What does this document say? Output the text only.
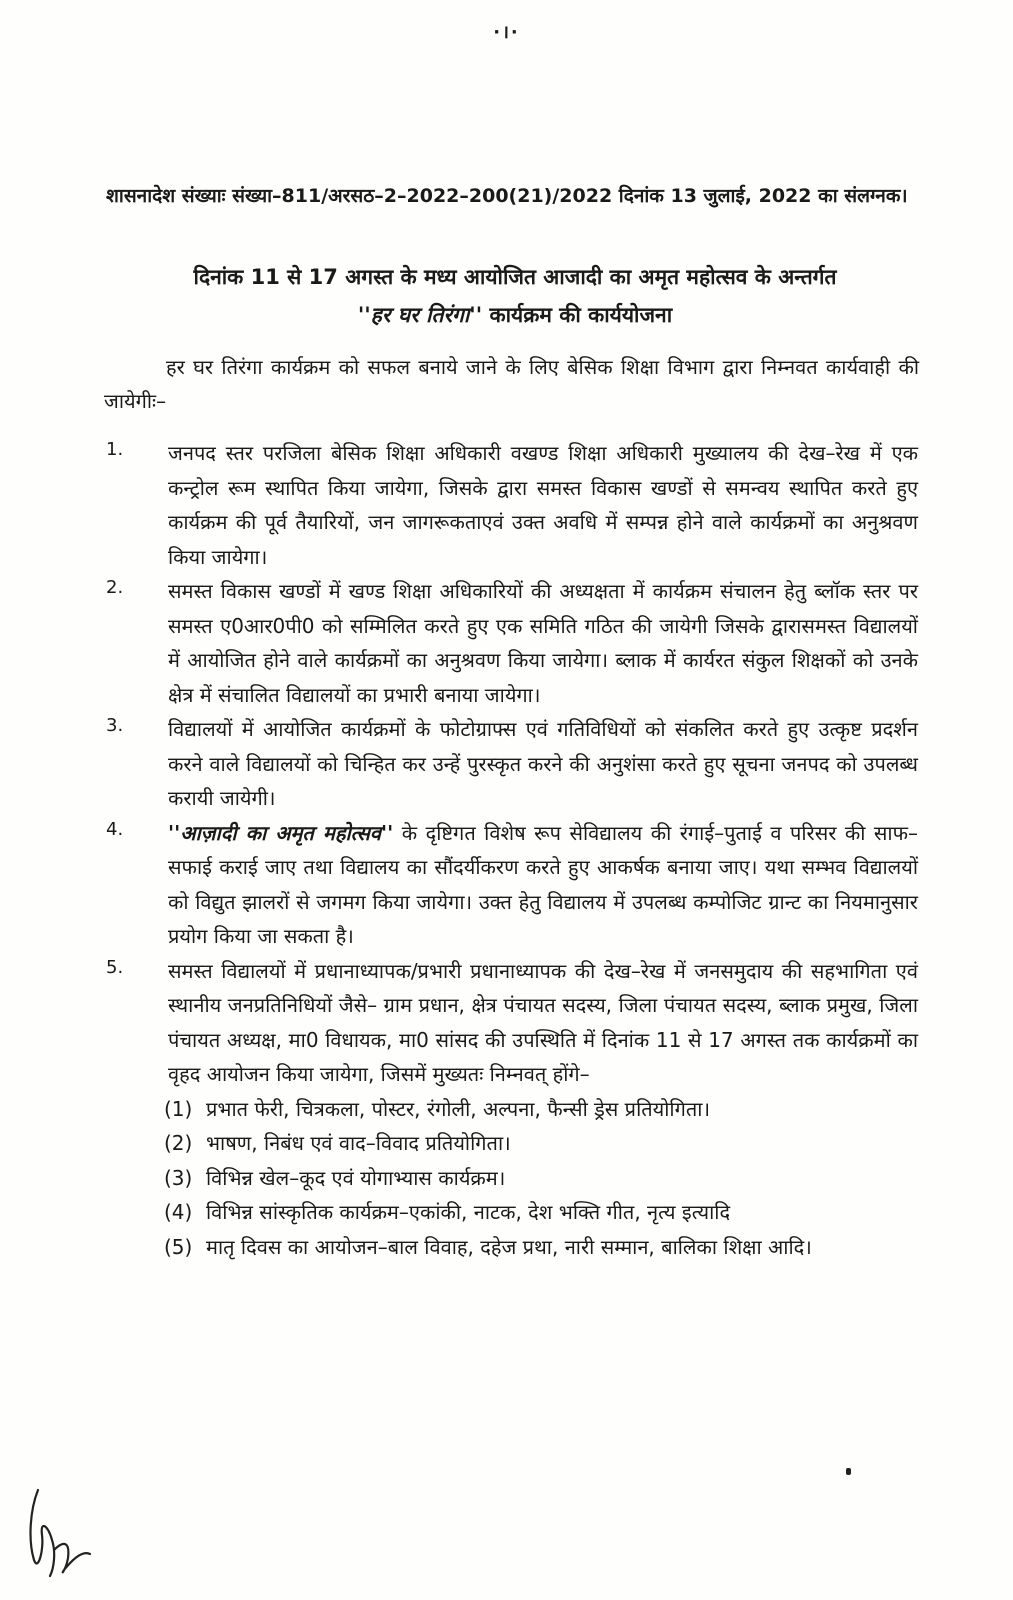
·।·
शासनादेश संख्याः संख्या–811/अरसठ–2–2022–200(21)/2022 दिनांक 13 जुलाई, 2022 का संलग्नक।
दिनांक 11 से 17 अगस्त के मध्य आयोजित आजादी का अमृत महोत्सव के अन्तर्गत
''हर घर तिरंगा'' कार्यक्रम की कार्ययोजना
हर घर तिरंगा कार्यक्रम को सफल बनाये जाने के लिए बेसिक शिक्षा विभाग द्वारा निम्नवत कार्यवाही की जायेगीः–
1.	जनपद स्तर परजिला बेसिक शिक्षा अधिकारी वखण्ड शिक्षा अधिकारी मुख्यालय की देख–रेख में एक कन्ट्रोल रूम स्थापित किया जायेगा, जिसके द्वारा समस्त विकास खण्डों से समन्वय स्थापित करते हुए कार्यक्रम की पूर्व तैयारियों, जन जागरूकताएवं उक्त अवधि में सम्पन्न होने वाले कार्यक्रमों का अनुश्रवण किया जायेगा।
2.	समस्त विकास खण्डों में खण्ड शिक्षा अधिकारियों की अध्यक्षता में कार्यक्रम संचालन हेतु ब्लॉक स्तर पर समस्त ए0आर0पी0 को सम्मिलित करते हुए एक समिति गठित की जायेगी जिसके द्वारासमस्त विद्यालयों में आयोजित होने वाले कार्यक्रमों का अनुश्रवण किया जायेगा। ब्लाक में कार्यरत संकुल शिक्षकों को उनके क्षेत्र में संचालित विद्यालयों का प्रभारी बनाया जायेगा।
3.	विद्यालयों में आयोजित कार्यक्रमों के फोटोग्राफ्स एवं गतिविधियों को संकलित करते हुए उत्कृष्ट प्रदर्शन करने वाले विद्यालयों को चिन्हित कर उन्हें पुरस्कृत करने की अनुशंसा करते हुए सूचना जनपद को उपलब्ध करायी जायेगी।
4.	''आज़ादी का अमृत महोत्सव'' के दृष्टिगत विशेष रूप सेविद्यालय की रंगाई–पुताई व परिसर की साफ–सफाई कराई जाए तथा विद्यालय का सौंदर्यीकरण करते हुए आकर्षक बनाया जाए। यथा सम्भव विद्यालयों को विद्युत झालरों से जगमग किया जायेगा। उक्त हेतु विद्यालय में उपलब्ध कम्पोजिट ग्रान्ट का नियमानुसार प्रयोग किया जा सकता है।
5.	समस्त विद्यालयों में प्रधानाध्यापक/प्रभारी प्रधानाध्यापक की देख–रेख में जनसमुदाय की सहभागिता एवं स्थानीय जनप्रतिनिधियों जैसे– ग्राम प्रधान, क्षेत्र पंचायत सदस्य, जिला पंचायत सदस्य, ब्लाक प्रमुख, जिला पंचायत अध्यक्ष, मा0 विधायक, मा0 सांसद की उपस्थिति में दिनांक 11 से 17 अगस्त तक कार्यक्रमों का वृहद आयोजन किया जायेगा, जिसमें मुख्यतः निम्नवत् होंगे–
(1) प्रभात फेरी, चित्रकला, पोस्टर, रंगोली, अल्पना, फैन्सी ड्रेस प्रतियोगिता।
(2) भाषण, निबंध एवं वाद–विवाद प्रतियोगिता।
(3) विभिन्न खेल–कूद एवं योगाभ्यास कार्यक्रम।
(4) विभिन्न सांस्कृतिक कार्यक्रम–एकांकी, नाटक, देश भक्ति गीत, नृत्य इत्यादि
(5) मातृ दिवस का आयोजन–बाल विवाह, दहेज प्रथा, नारी सम्मान, बालिका शिक्षा आदि।
